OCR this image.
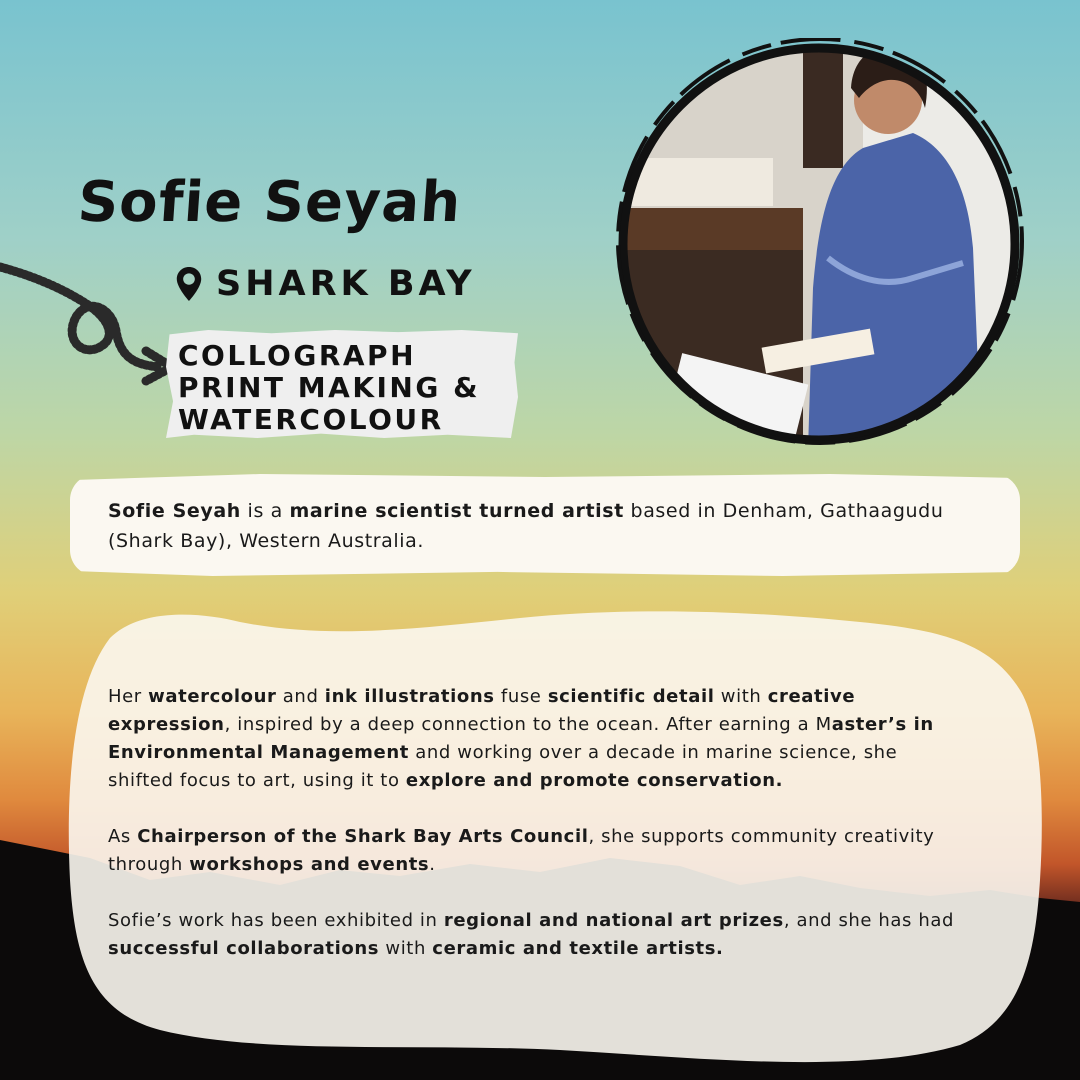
Sofie Seyah
SHARK BAY

COLLOGRAPH
PRINT MAKING &
WATERCOLOUR

Sofie Seyah is a marine scientist turned artist based in Denham, Gathaagudu (Shark Bay), Western Australia.

Her watercolour and ink illustrations fuse scientific detail with creative expression, inspired by a deep connection to the ocean. After earning a Master’s in Environmental Management and working over a decade in marine science, she shifted focus to art, using it to explore and promote conservation.

As Chairperson of the Shark Bay Arts Council, she supports community creativity through workshops and events.

Sofie’s work has been exhibited in regional and national art prizes, and she has had successful collaborations with ceramic and textile artists.
